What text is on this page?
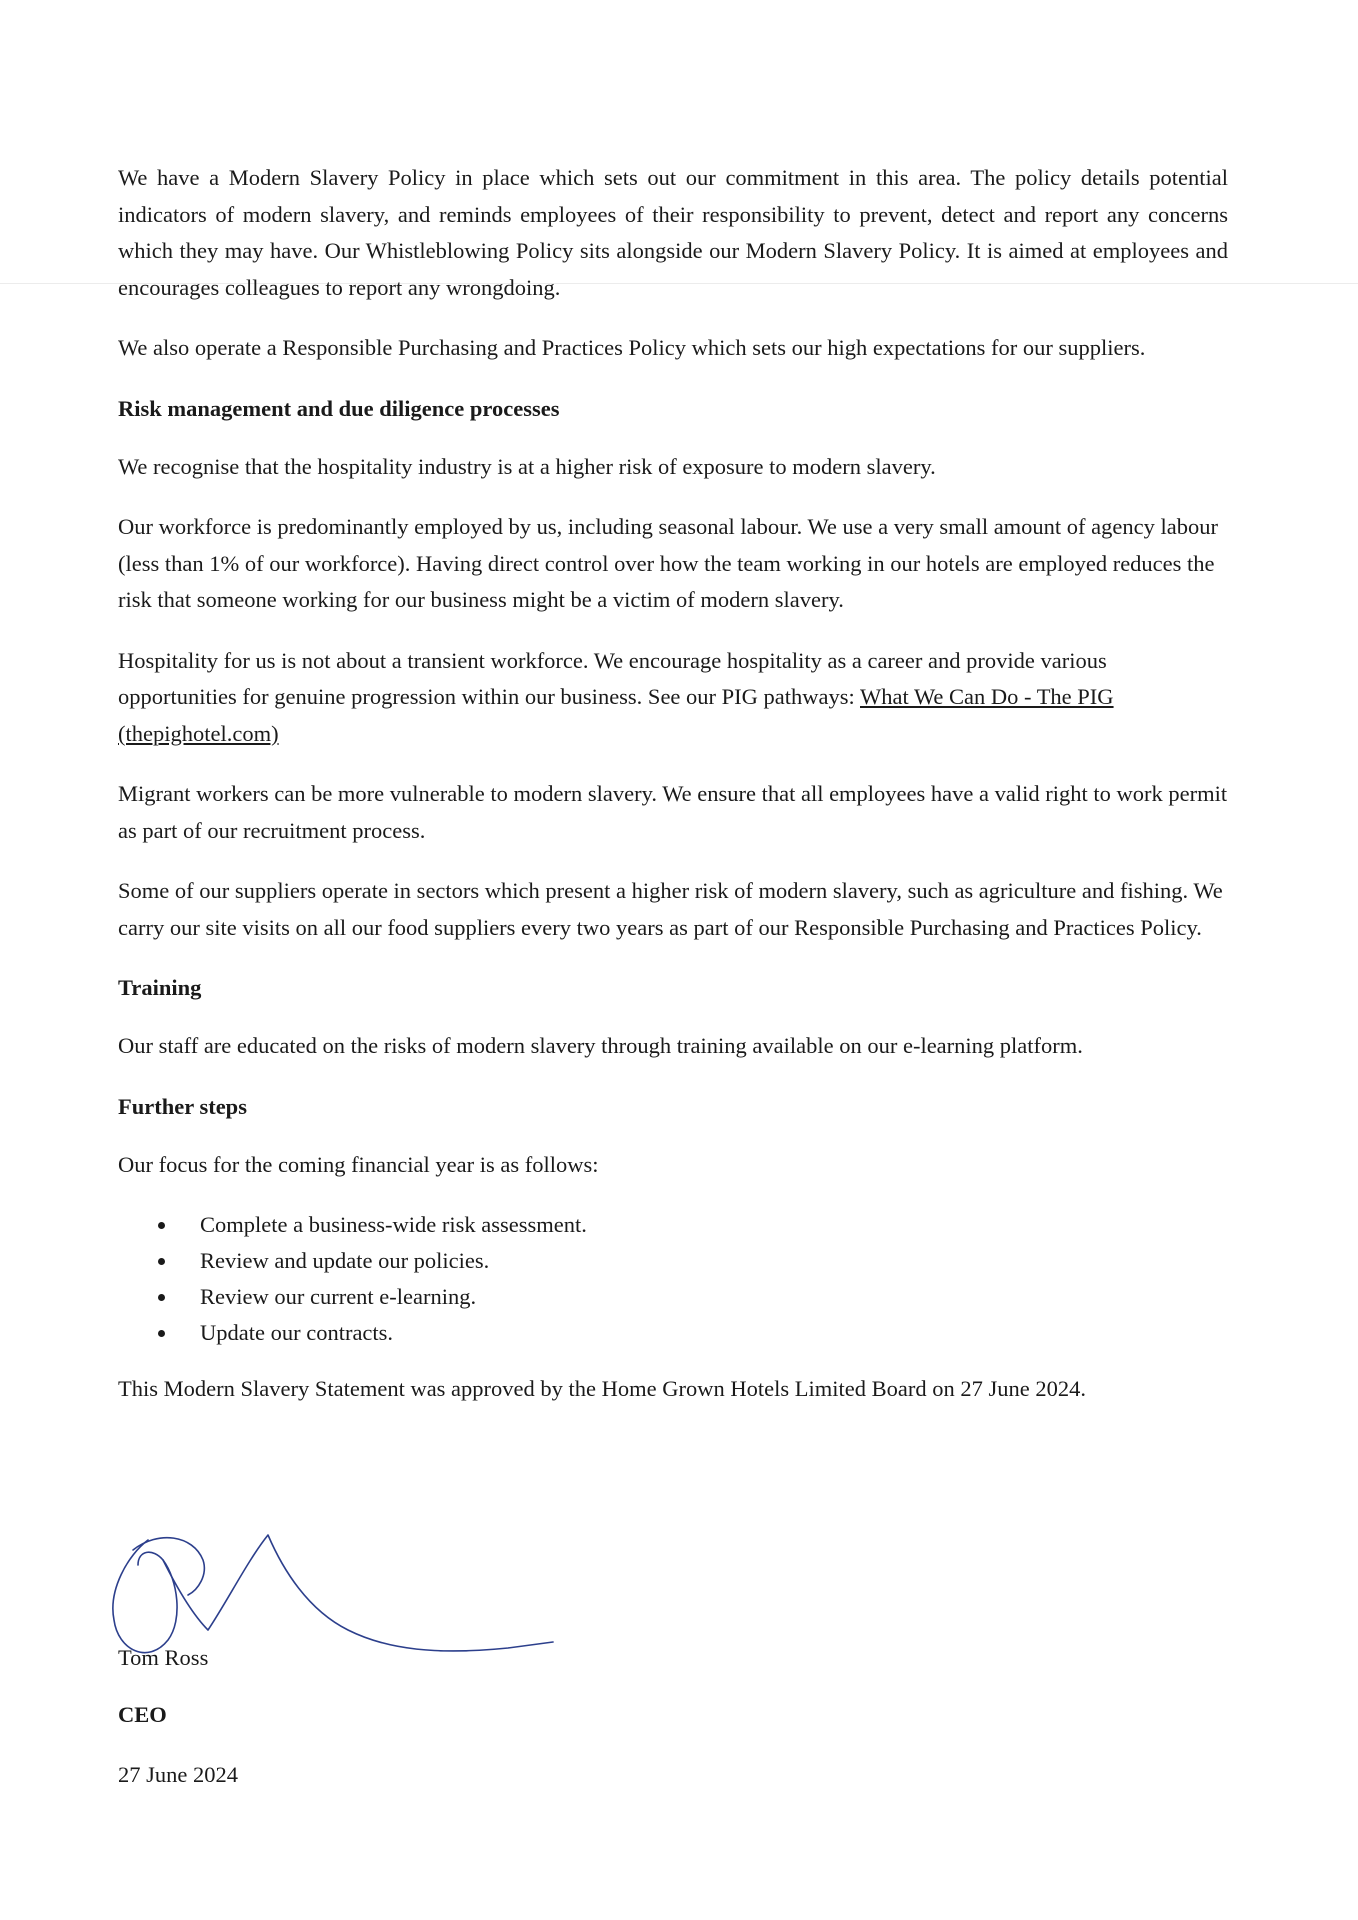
We have a Modern Slavery Policy in place which sets out our commitment in this area. The policy details potential indicators of modern slavery, and reminds employees of their responsibility to prevent, detect and report any concerns which they may have. Our Whistleblowing Policy sits alongside our Modern Slavery Policy. It is aimed at employees and encourages colleagues to report any wrongdoing.

We also operate a Responsible Purchasing and Practices Policy which sets our high expectations for our suppliers.

Risk management and due diligence processes

We recognise that the hospitality industry is at a higher risk of exposure to modern slavery.

Our workforce is predominantly employed by us, including seasonal labour. We use a very small amount of agency labour (less than 1% of our workforce). Having direct control over how the team working in our hotels are employed reduces the risk that someone working for our business might be a victim of modern slavery.

Hospitality for us is not about a transient workforce. We encourage hospitality as a career and provide various opportunities for genuine progression within our business. See our PIG pathways: What We Can Do - The PIG (thepighotel.com)

Migrant workers can be more vulnerable to modern slavery. We ensure that all employees have a valid right to work permit as part of our recruitment process.

Some of our suppliers operate in sectors which present a higher risk of modern slavery, such as agriculture and fishing. We carry our site visits on all our food suppliers every two years as part of our Responsible Purchasing and Practices Policy.

Training

Our staff are educated on the risks of modern slavery through training available on our e-learning platform.

Further steps

Our focus for the coming financial year is as follows:

Complete a business-wide risk assessment.
Review and update our policies.
Review our current e-learning.
Update our contracts.

This Modern Slavery Statement was approved by the Home Grown Hotels Limited Board on 27 June 2024.

Tom Ross
CEO
27 June 2024
